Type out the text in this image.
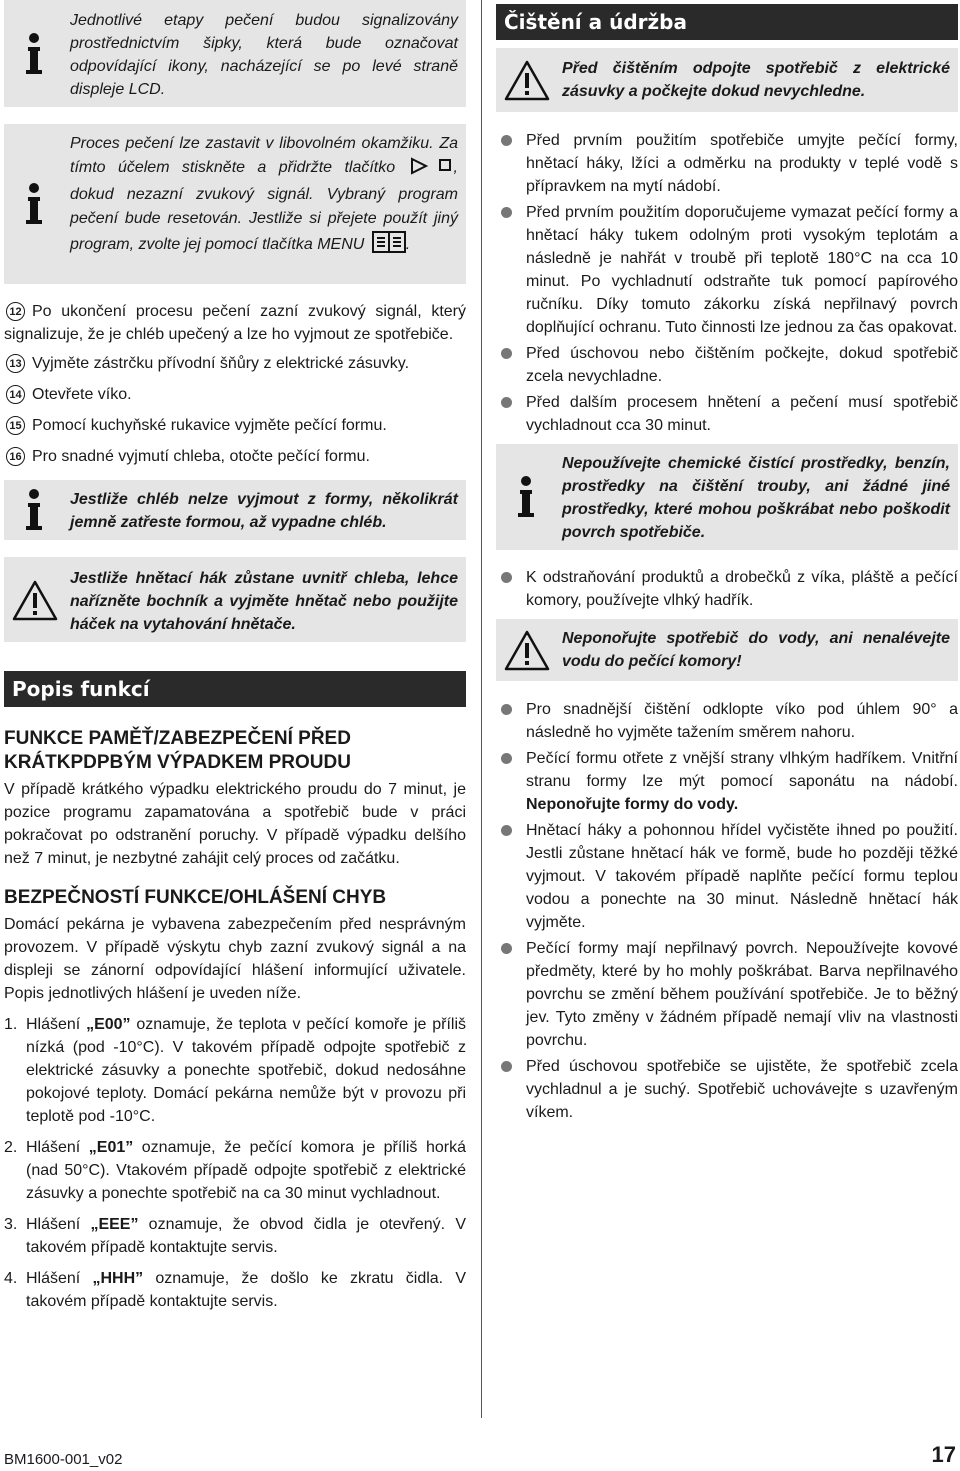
Jednotlivé etapy pečení budou signalizovány prostřednictvím šipky, která bude označovat odpovídající ikony, nacházející se po levé straně displeje LCD.

Proces pečení lze zastavit v libovolném okamžiku. Za tímto účelem stiskněte a přidržte tlačítko	, dokud nezazní zvukový signál. Vybraný program pečení bude resetován. Jestliže si přejete použít jiný program, zvolte jej pomocí tlačítka MENU	.

12 Po ukončení procesu pečení zazní zvukový signál, který signalizuje, že je chléb upečený a lze ho vyjmout ze spotřebiče.
13 Vyjměte zástrčku přívodní šňůry z elektrické zásuvky.
14 Otevřete víko.
15 Pomocí kuchyňské rukavice vyjměte pečící formu.
16 Pro snadné vyjmutí chleba, otočte pečící formu.

Jestliže chléb nelze vyjmout z formy, několikrát jemně zatřeste formou, až vypadne chléb.

Jestliže hnětací hák zůstane uvnitř chleba, lehce nařízněte bochník a vyjměte hnětač nebo použijte háček na vytahování hnětače.

Popis funkcí
FUNKCE PAMĚŤ/ZABEZPEČENÍ PŘED KRÁTKPDPBÝM VÝPADKEM PROUDU

V případě krátkého výpadku elektrického proudu do 7 minut, je pozice programu zapamatována a spotřebič bude v práci pokračovat po odstranění poruchy. V případě výpadku delšího než 7 minut, je nezbytné zahájit celý proces od začátku.

BEZPEČNOSTÍ FUNKCE/OHLÁŠENÍ CHYB

Domácí pekárna je vybavena zabezpečením před nesprávným provozem. V případě výskytu chyb zazní zvukový signál a na displeji se zánorní odpovídající hlášení informující uživatele. Popis jednotlivých hlášení je uveden níže.

1. Hlášení „E00” oznamuje, že teplota v pečící komoře je příliš nízká (pod -10°C). V takovém případě odpojte spotřebič z elektrické zásuvky a ponechte spotřebič, dokud nedosáhne pokojové teploty. Domácí pekárna nemůže být v provozu při teplotě pod -10°C.
2. Hlášení „E01” oznamuje, že pečící komora je příliš horká (nad 50°C). Vtakovém případě odpojte spotřebič z elektrické zásuvky a ponechte spotřebič na ca 30 minut vychladnout.
3. Hlášení „EEE” oznamuje, že obvod čidla je otevřený. V takovém případě kontaktujte servis.
4. Hlášení „HHH” oznamuje, že došlo ke zkratu čidla. V takovém případě kontaktujte servis.
Čištění a údržba

Před čištěním odpojte spotřebič z elektrické zásuvky a počkejte dokud nevychledne.

Před prvním použitím spotřebiče umyjte pečící formy, hnětací háky, lžíci a odměrku na produkty v teplé vodě s přípravkem na mytí nádobí.
Před prvním použitím doporučujeme vymazat pečící formy a hnětací háky tukem odolným proti vysokým teplotám a následně je nahřát v troubě při teplotě 180°C na cca 10 minut. Po vychladnutí odstraňte tuk pomocí papírového ručníku. Díky tomuto zákorku získá nepřilnavý povrch doplňující ochranu. Tuto činnosti lze jednou za čas opakovat.
Před úschovou nebo čištěním počkejte, dokud spotřebič zcela nevychladne.
Před dalším procesem hnětení a pečení musí spotřebič vychladnout cca 30 minut.

Nepoužívejte chemické čistící prostředky, benzín, prostředky na čištění trouby, ani žádné jiné prostředky, které mohou poškrábat nebo poškodit povrch spotřebiče.

K odstraňování produktů a drobečků z víka, pláště a pečící komory, používejte vlhký hadřík.

Neponořujte spotřebič do vody, ani nenalévejte vodu do pečící komory!

Pro snadnější čištění odklopte víko pod úhlem 90° a následně ho vyjměte tažením směrem nahoru.
Pečící formu otřete z vnější strany vlhkým hadříkem. Vnitřní stranu formy lze mýt pomocí saponátu na nádobí. Neponořujte formy do vody.
Hnětací háky a pohonnou hřídel vyčistěte ihned po použití. Jestli zůstane hnětací hák ve formě, bude ho později těžké vyjmout. V takovém případě naplňte pečící formu teplou vodou a ponechte na 30 minut. Následně hnětací hák vyjměte.
Pečící formy mají nepřilnavý povrch. Nepoužívejte kovové předměty, které by ho mohly poškrábat. Barva nepřilnavého povrchu se změní během používání spotřebiče. Je to běžný jev. Tyto změny v žádném případě nemají vliv na vlastnosti povrchu.
Před úschovou spotřebiče se ujistěte, že spotřebič zcela vychladnul a je suchý. Spotřebič uchovávejte s uzavřeným víkem.
BM1600-001_v02	17
